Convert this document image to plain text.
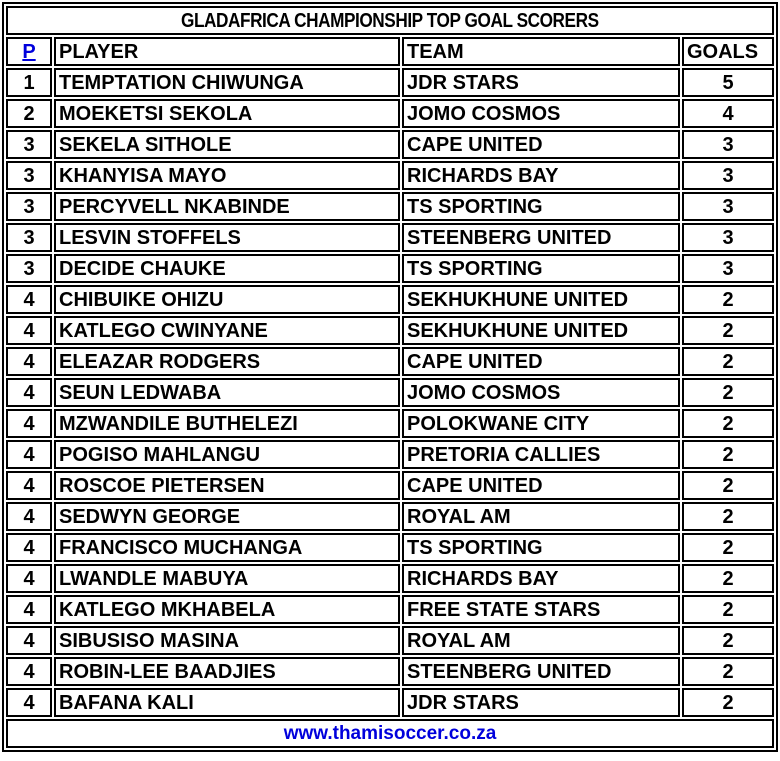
GLADAFRICA CHAMPIONSHIP TOP GOAL SCORERS			
P	PLAYER	TEAM	GOALS
1	TEMPTATION CHIWUNGA	JDR STARS	5
2	MOEKETSI SEKOLA	JOMO COSMOS	4
3	SEKELA SITHOLE	CAPE UNITED	3
3	KHANYISA MAYO	RICHARDS BAY	3
3	PERCYVELL NKABINDE	TS SPORTING	3
3	LESVIN STOFFELS	STEENBERG UNITED	3
3	DECIDE CHAUKE	TS SPORTING	3
4	CHIBUIKE OHIZU	SEKHUKHUNE UNITED	2
4	KATLEGO CWINYANE	SEKHUKHUNE UNITED	2
4	ELEAZAR RODGERS	CAPE UNITED	2
4	SEUN LEDWABA	JOMO COSMOS	2
4	MZWANDILE BUTHELEZI	POLOKWANE CITY	2
4	POGISO MAHLANGU	PRETORIA CALLIES	2
4	ROSCOE PIETERSEN	CAPE UNITED	2
4	SEDWYN GEORGE	ROYAL AM	2
4	FRANCISCO MUCHANGA	TS SPORTING	2
4	LWANDLE MABUYA	RICHARDS BAY	2
4	KATLEGO MKHABELA	FREE STATE STARS	2
4	SIBUSISO MASINA	ROYAL AM	2
4	ROBIN-LEE BAADJIES	STEENBERG UNITED	2
4	BAFANA KALI	JDR STARS	2
www.thamisoccer.co.za			
